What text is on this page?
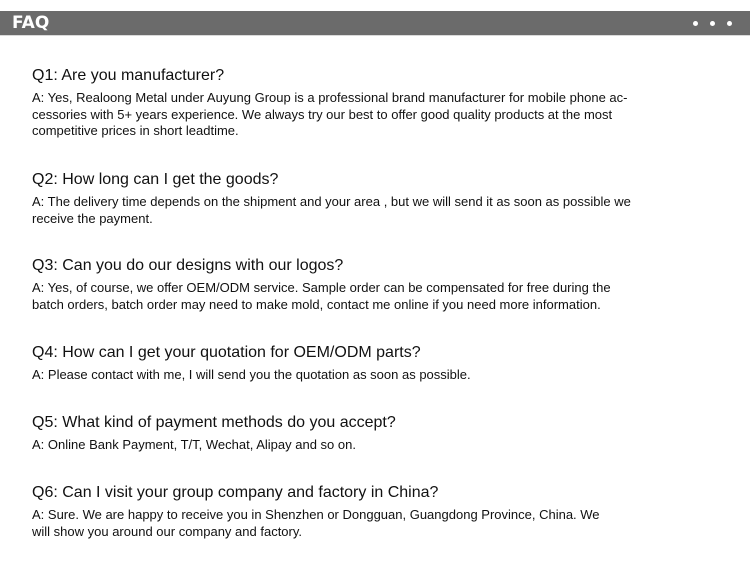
FAQ

Q1: Are you manufacturer?

A: Yes, Realoong Metal under Auyung Group is a professional brand manufacturer for mobile phone ac-
cessories with 5+ years experience. We always try our best to offer good quality products at the most
competitive prices in short leadtime.

Q2: How long can I get the goods?

A: The delivery time depends on the shipment and your area , but we will send it as soon as possible we
receive the payment.

Q3: Can you do our designs with our logos?

A: Yes, of course, we offer OEM/ODM service. Sample order can be compensated for free during the
batch orders, batch order may need to make mold, contact me online if you need more information.

Q4: How can I get your quotation for OEM/ODM parts?

A: Please contact with me, I will send you the quotation as soon as possible.

Q5: What kind of payment methods do you accept?

A: Online Bank Payment, T/T, Wechat, Alipay and so on.

Q6: Can I visit your group company and factory in China?

A: Sure. We are happy to receive you in Shenzhen or Dongguan, Guangdong Province, China. We
will show you around our company and factory.
